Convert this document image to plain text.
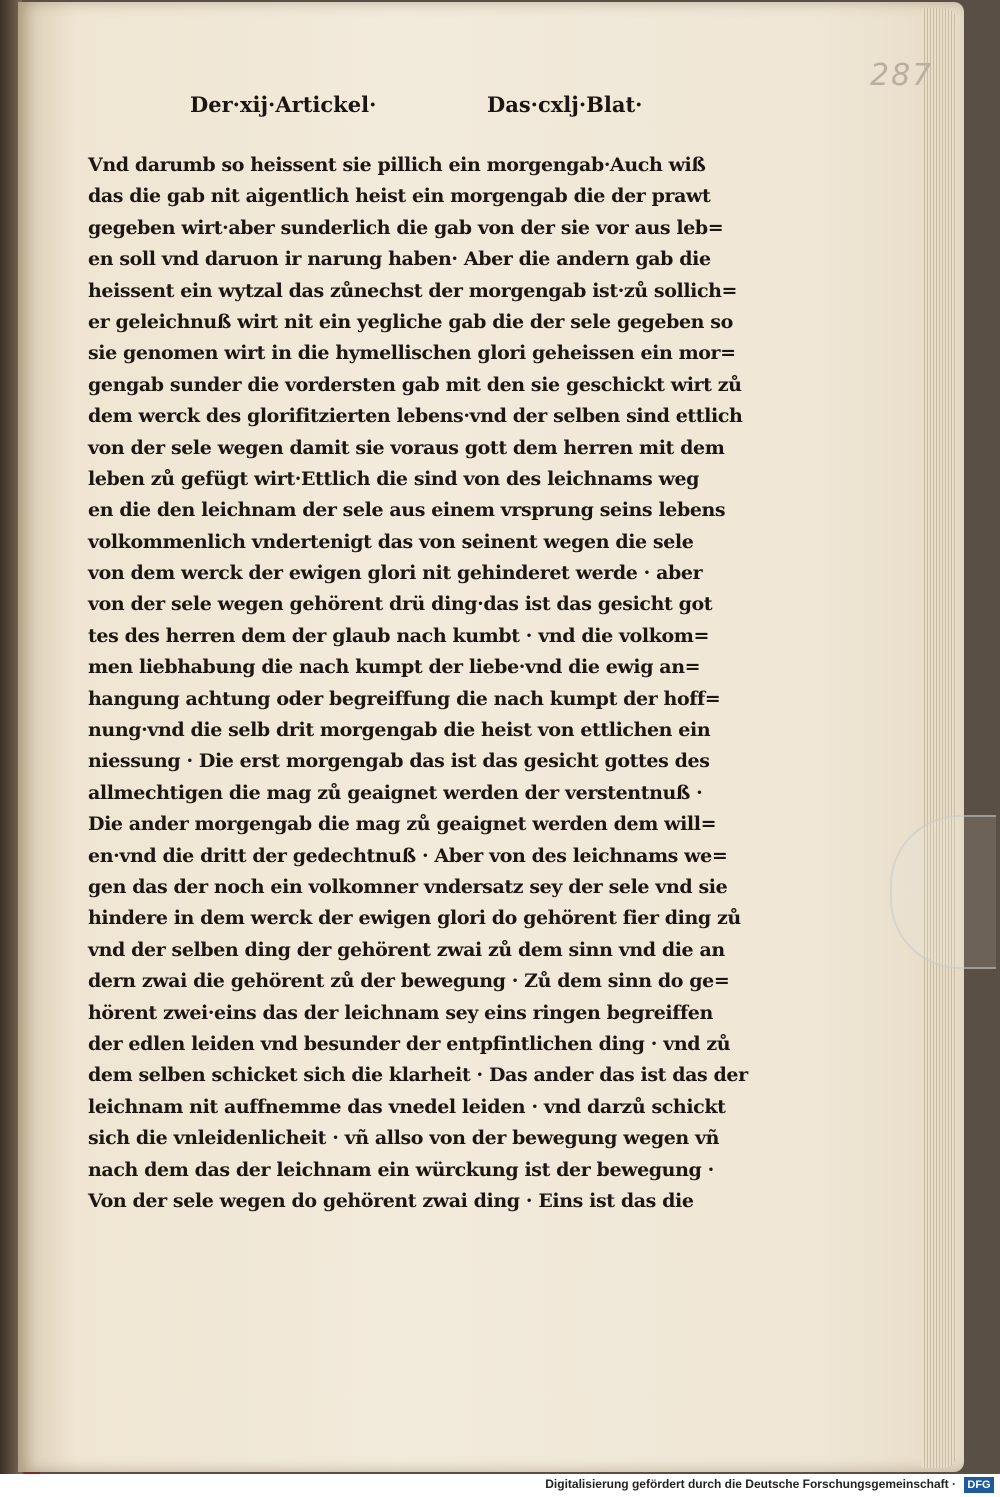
287
Der·xij·Artickel·	Das·cxlj·Blat·
Vnd darumb so heissent sie pillich ein morgengab·Auch wiß
das die gab nit aigentlich heist ein morgengab die der prawt
gegeben wirt·aber sunderlich die gab von der sie vor aus leb=
en soll vnd daruon ir narung haben· Aber die andern gab die
heissent ein wytzal das zůnechst der morgengab ist·zů sollich=
er geleichnuß wirt nit ein yegliche gab die der sele gegeben so
sie genomen wirt in die hymellischen glori geheissen ein mor=
gengab sunder die vordersten gab mit den sie geschickt wirt zů
dem werck des glorifitzierten lebens·vnd der selben sind ettlich
von der sele wegen damit sie voraus gott dem herren mit dem
leben zů gefügt wirt·Ettlich die sind von des leichnams weg
en die den leichnam der sele aus einem vrsprung seins lebens
volkommenlich vndertenigt das von seinent wegen die sele
von dem werck der ewigen glori nit gehinderet werde · aber
von der sele wegen gehörent drü ding·das ist das gesicht got
tes des herren dem der glaub nach kumbt · vnd die volkom=
men liebhabung die nach kumpt der liebe·vnd die ewig an=
hangung achtung oder begreiffung die nach kumpt der hoff=
nung·vnd die selb drit morgengab die heist von ettlichen ein
niessung · Die erst morgengab das ist das gesicht gottes des
allmechtigen die mag zů geaignet werden der verstentnuß ·
Die ander morgengab die mag zů geaignet werden dem will=
en·vnd die dritt der gedechtnuß · Aber von des leichnams we=
gen das der noch ein volkomner vndersatz sey der sele vnd sie
hindere in dem werck der ewigen glori do gehörent fier ding zů
vnd der selben ding der gehörent zwai zů dem sinn vnd die an
dern zwai die gehörent zů der bewegung · Zů dem sinn do ge=
hörent zwei·eins das der leichnam sey eins ringen begreiffen
der edlen leiden vnd besunder der entpfintlichen ding · vnd zů
dem selben schicket sich die klarheit · Das ander das ist das der
leichnam nit auffnemme das vnedel leiden · vnd darzů schickt
sich die vnleidenlicheit · vñ allso von der bewegung wegen vñ
nach dem das der leichnam ein würckung ist der bewegung ·
Von der sele wegen do gehörent zwai ding · Eins ist das die
Digitalisierung gefördert durch die Deutsche Forschungsgemeinschaft ·	DFG
